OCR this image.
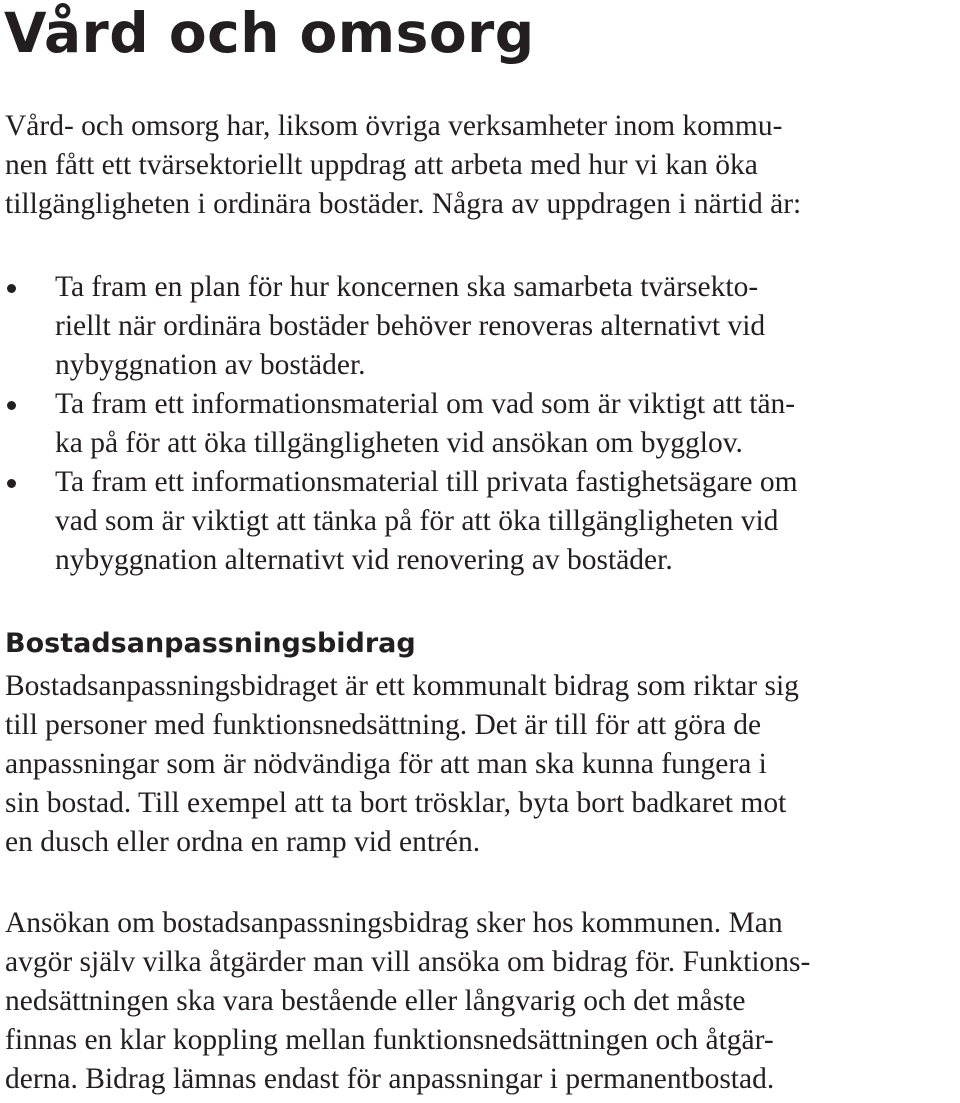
Vård och omsorg
Vård- och omsorg har, liksom övriga verksamheter inom kommu-
nen fått ett tvärsektoriellt uppdrag att arbeta med hur vi kan öka
tillgängligheten i ordinära bostäder. Några av uppdragen i närtid är:
Ta fram en plan för hur koncernen ska samarbeta tvärsekto-
riellt när ordinära bostäder behöver renoveras alternativt vid
nybyggnation av bostäder.
Ta fram ett informationsmaterial om vad som är viktigt att tän-
ka på för att öka tillgängligheten vid ansökan om bygglov.
Ta fram ett informationsmaterial till privata fastighetsägare om
vad som är viktigt att tänka på för att öka tillgängligheten vid
nybyggnation alternativt vid renovering av bostäder.
Bostadsanpassningsbidrag
Bostadsanpassningsbidraget är ett kommunalt bidrag som riktar sig
till personer med funktionsnedsättning. Det är till för att göra de
anpassningar som är nödvändiga för att man ska kunna fungera i
sin bostad. Till exempel att ta bort trösklar, byta bort badkaret mot
en dusch eller ordna en ramp vid entrén.
Ansökan om bostadsanpassningsbidrag sker hos kommunen. Man
avgör själv vilka åtgärder man vill ansöka om bidrag för. Funktions-
nedsättningen ska vara bestående eller långvarig och det måste
finnas en klar koppling mellan funktionsnedsättningen och åtgär-
derna. Bidrag lämnas endast för anpassningar i permanentbostad.
